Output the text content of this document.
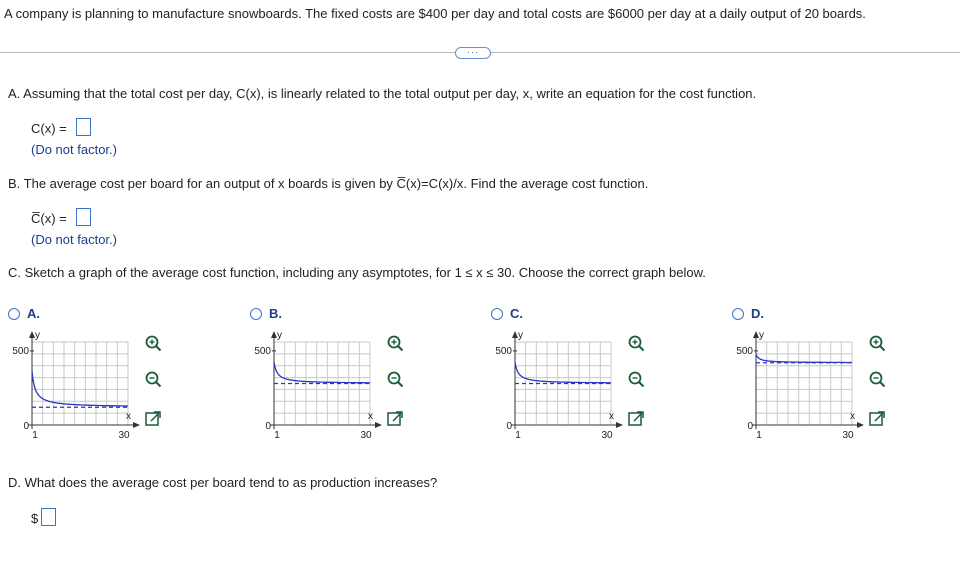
A company is planning to manufacture snowboards. The fixed costs are $400 per day and total costs are $6000 per day at a daily output of 20 boards.
···
A. Assuming that the total cost per day, C(x), is linearly related to the total output per day, x, write an equation for the cost function.
C(x) =
(Do not factor.)
B. The average cost per board for an output of x boards is given by C̅(x)=C(x)/x. Find the average cost function.
C̅(x) =
(Do not factor.)
C. Sketch a graph of the average cost function, including any asymptotes, for 1 ≤ x ≤ 30. Choose the correct graph below.
A.
500
0
y
x
1	30
B.
500
0
y
x
1	30
C.
500
0
y
x
1	30
D.
500
0
y
x
1	30
D. What does the average cost per board tend to as production increases?
$
